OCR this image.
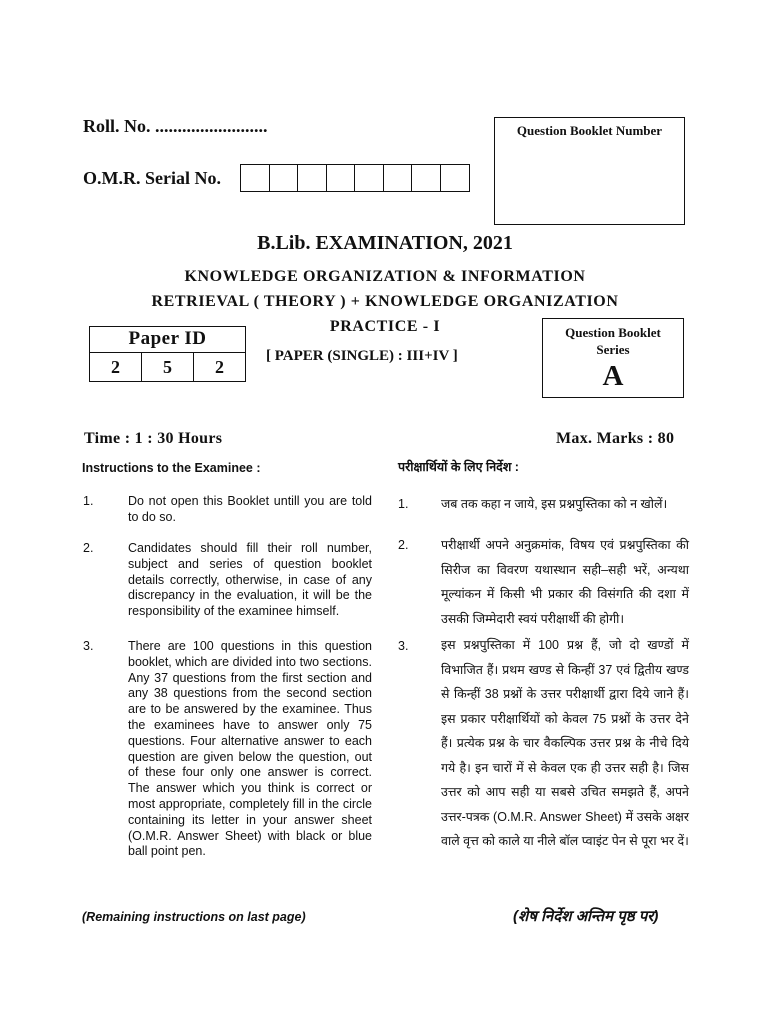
Roll. No. .........................
O.M.R. Serial No.
Question Booklet Number
B.Lib. EXAMINATION, 2021
KNOWLEDGE ORGANIZATION & INFORMATION
RETRIEVAL ( THEORY ) + KNOWLEDGE ORGANIZATION
PRACTICE - I
[ PAPER (SINGLE) : III+IV ]
Paper ID
2	5	2
Question Booklet Series
A
Time : 1 : 30 Hours	Max. Marks : 80
Instructions to the Examinee :	परीक्षार्थियों के लिए निर्देश :
1.	Do not open this Booklet untill you are told to do so.
2.	Candidates should fill their roll number, subject and series of question booklet details correctly, otherwise, in case of any discrepancy in the evaluation, it will be the responsibility of the examinee himself.
3.	There are 100 questions in this question booklet, which are divided into two sections. Any 37 questions from the first section and any 38 questions from the second section are to be answered by the examinee. Thus the examinees have to answer only 75 questions. Four alternative answer to each question are given below the question, out of these four only one answer is correct. The answer which you think is correct or most appropriate, completely fill in the circle containing its letter in your answer sheet (O.M.R. Answer Sheet) with black or blue ball point pen.
1.	जब तक कहा न जाये, इस प्रश्नपुस्तिका को न खोलें।
2.	परीक्षार्थी अपने अनुक्रमांक, विषय एवं प्रश्नपुस्तिका की सिरीज का विवरण यथास्थान सही–सही भरें, अन्यथा मूल्यांकन में किसी भी प्रकार की विसंगति की दशा में उसकी जिम्मेदारी स्वयं परीक्षार्थी की होगी।
3.	इस प्रश्नपुस्तिका में 100 प्रश्न हैं, जो दो खण्डों में विभाजित हैं। प्रथम खण्ड से किन्हीं 37 एवं द्वितीय खण्ड से किन्हीं 38 प्रश्नों के उत्तर परीक्षार्थी द्वारा दिये जाने हैं। इस प्रकार परीक्षार्थियों को केवल 75 प्रश्नों के उत्तर देने हैं। प्रत्येक प्रश्न के चार वैकल्पिक उत्तर प्रश्न के नीचे दिये गये है। इन चारों में से केवल एक ही उत्तर सही है। जिस उत्तर को आप सही या सबसे उचित समझते हैं, अपने उत्तर-पत्रक (O.M.R. Answer Sheet) में उसके अक्षर वाले वृत्त को काले या नीले बॉल प्वाइंट पेन से पूरा भर दें।
(Remaining instructions on last page)	(शेष निर्देश अन्तिम पृष्ठ पर)
